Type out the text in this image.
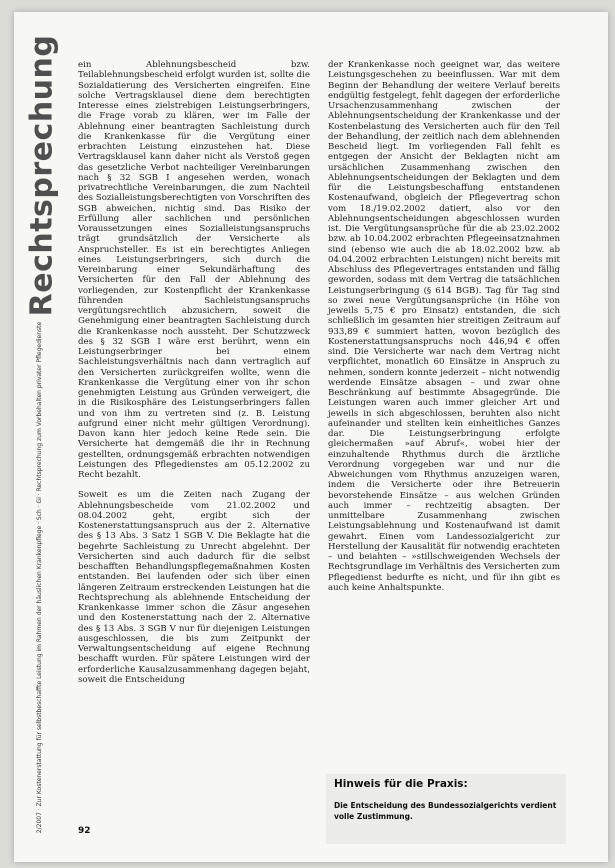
Rechtsprechung
2/2007 · Zur Kostenerstattung für selbstbeschaffte Leistung im Rahmen der häuslichen Krankenpflege · Sch · Gi · Rechtsprechung zum Vorbehalten privater Pflegedienste

ein Ablehnungsbescheid bzw. Teilablehnungsbescheid erfolgt wurden ist, sollte die Sozialdatierung des Versicherten eingreifen. Eine solche Vertragsklausel diene dem berechtigten Interesse eines zielstrebigen Leistungserbringers, die Frage vorab zu klären, wer im Falle der Ablehnung einer beantragten Sachleistung durch die Krankenkasse für die Vergütung einer erbrachten Leistung einzustehen hat. Diese Vertragsklausel kann daher nicht als Verstoß gegen das gesetzliche Verbot nachteiliger Vereinbarungen nach § 32 SGB I angesehen werden, wonach privatrechtliche Vereinbarungen, die zum Nachteil des Sozialleistungsberechtigten von Vorschriften des SGB abweichen, nichtig sind. Das Risiko der Erfüllung aller sachlichen und persönlichen Voraussetzungen eines Sozialleistungsanspruchs trägt grundsätzlich der Versicherte als Anspruchsteller. Es ist ein berechtigtes Anliegen eines Leistungserbringers, sich durch die Vereinbarung einer Sekundärhaftung des Versicherten für den Fall der Ablehnung des vorliegenden, zur Kostenpflicht der Krankenkasse führenden Sachleistungsanspruchs vergütungsrechtlich abzusichern, soweit die Genehmigung einer beantragten Sachleistung durch die Krankenkasse noch aussteht. Der Schutzzweck des § 32 SGB I wäre erst berührt, wenn ein Leistungserbringer bei einem Sachleistungsverhältnis nach dann vertraglich auf den Versicherten zurückgreifen wollte, wenn die Krankenkasse die Vergütung einer von ihr schon genehmigten Leistung aus Gründen verweigert, die in die Risikosphäre des Leistungserbringers fallen und von ihm zu vertreten sind (z. B. Leistung aufgrund einer nicht mehr gültigen Verordnung). Davon kann hier jedoch keine Rede sein. Die Versicherte hat demgemäß die ihr in Rechnung gestellten, ordnungsgemäß erbrachten notwendigen Leistungen des Pflegedienstes am 05.12.2002 zu Recht bezahlt.

Soweit es um die Zeiten nach Zugang der Ablehnungsbescheide vom 21.02.2002 und 08.04.2002 geht, ergibt sich der Kostenerstattungsanspruch aus der 2. Alternative des § 13 Abs. 3 Satz 1 SGB V. Die Beklagte hat die begehrte Sachleistung zu Unrecht abgelehnt. Der Versicherten sind auch dadurch für die selbst beschafften Behandlungspflegemaßnahmen Kosten entstanden. Bei laufenden oder sich über einen längeren Zeitraum erstreckenden Leistungen hat die Rechtsprechung als ablehnende Entscheidung der Krankenkasse immer schon die Zäsur angesehen und den Kostenerstattung nach der 2. Alternative des § 13 Abs. 3 SGB V nur für diejenigen Leistungen ausgeschlossen, die bis zum Zeitpunkt der Verwaltungsentscheidung auf eigene Rechnung beschafft wurden. Für spätere Leistungen wird der erforderliche Kausalzusammenhang dagegen bejaht, soweit die Entscheidung

der Krankenkasse noch geeignet war, das weitere Leistungsgeschehen zu beeinflussen. War mit dem Beginn der Behandlung der weitere Verlauf bereits endgültig festgelegt, fehlt dagegen der erforderliche Ursachenzusammenhang zwischen der Ablehnungsentscheidung der Krankenkasse und der Kostenbelastung des Versicherten auch für den Teil der Behandlung, der zeitlich nach dem ablehnenden Bescheid liegt. Im vorliegenden Fall fehlt es entgegen der Ansicht der Beklagten nicht am ursächlichen Zusammenhang zwischen den Ablehnungsentscheidungen der Beklagten und dem für die Leistungsbeschaffung entstandenen Kostenaufwand, obgleich der Pflegevertrag schon vom 18./19.02.2002 datiert, also vor den Ablehnungsentscheidungen abgeschlossen wurden ist. Die Vergütungsansprüche für die ab 23.02.2002 bzw. ab 10.04.2002 erbrachten Pflegeeinsatznahmen sind (ebenso wie auch die ab 18.02.2002 bzw. ab 04.04.2002 erbrachten Leistungen) nicht bereits mit Abschluss des Pflegevertrages entstanden und fällig geworden, sodass mit dem Vertrag die tatsächlichen Leistungserbringung (§ 614 BGB). Tag für Tag sind so zwei neue Vergütungsansprüche (in Höhe von jeweils 5,75 € pro Einsatz) entstanden, die sich schließlich im gesamten hier streitigen Zeitraum auf 933,89 € summiert hatten, wovon bezüglich des Kostenerstattungsanspruchs noch 446,94 € offen sind. Die Versicherte war nach dem Vertrag nicht verpflichtet, monatlich 60 Einsätze in Anspruch zu nehmen, sondern konnte jederzeit – nicht notwendig werdende Einsätze absagen – und zwar ohne Beschränkung auf bestimmte Absagegründe. Die Leistungen waren auch immer gleicher Art und jeweils in sich abgeschlossen, beruhten also nicht aufeinander und stellten kein einheitliches Ganzes dar. Die Leistungserbringung erfolgte gleichermaßen »auf Abruf«, wobei hier der einzuhaltende Rhythmus durch die ärztliche Verordnung vorgegeben war und nur die Abweichungen vom Rhythmus anzuzeigen waren, indem die Versicherte oder ihre Betreuerin bevorstehende Einsätze – aus welchen Gründen auch immer – rechtzeitig absagten. Der unmittelbare Zusammenhang zwischen Leistungsablehnung und Kostenaufwand ist damit gewahrt. Einen vom Landessozialgericht zur Herstellung der Kausalität für notwendig erachteten – und beiahten – »stillschweigenden Wechsels der Rechtsgrundlage im Verhältnis des Versicherten zum Pflegedienst bedurfte es nicht, und für ihn gibt es auch keine Anhaltspunkte.

Hinweis für die Praxis:
Die Entscheidung des Bundessozialgerichts verdient volle Zustimmung.
92
